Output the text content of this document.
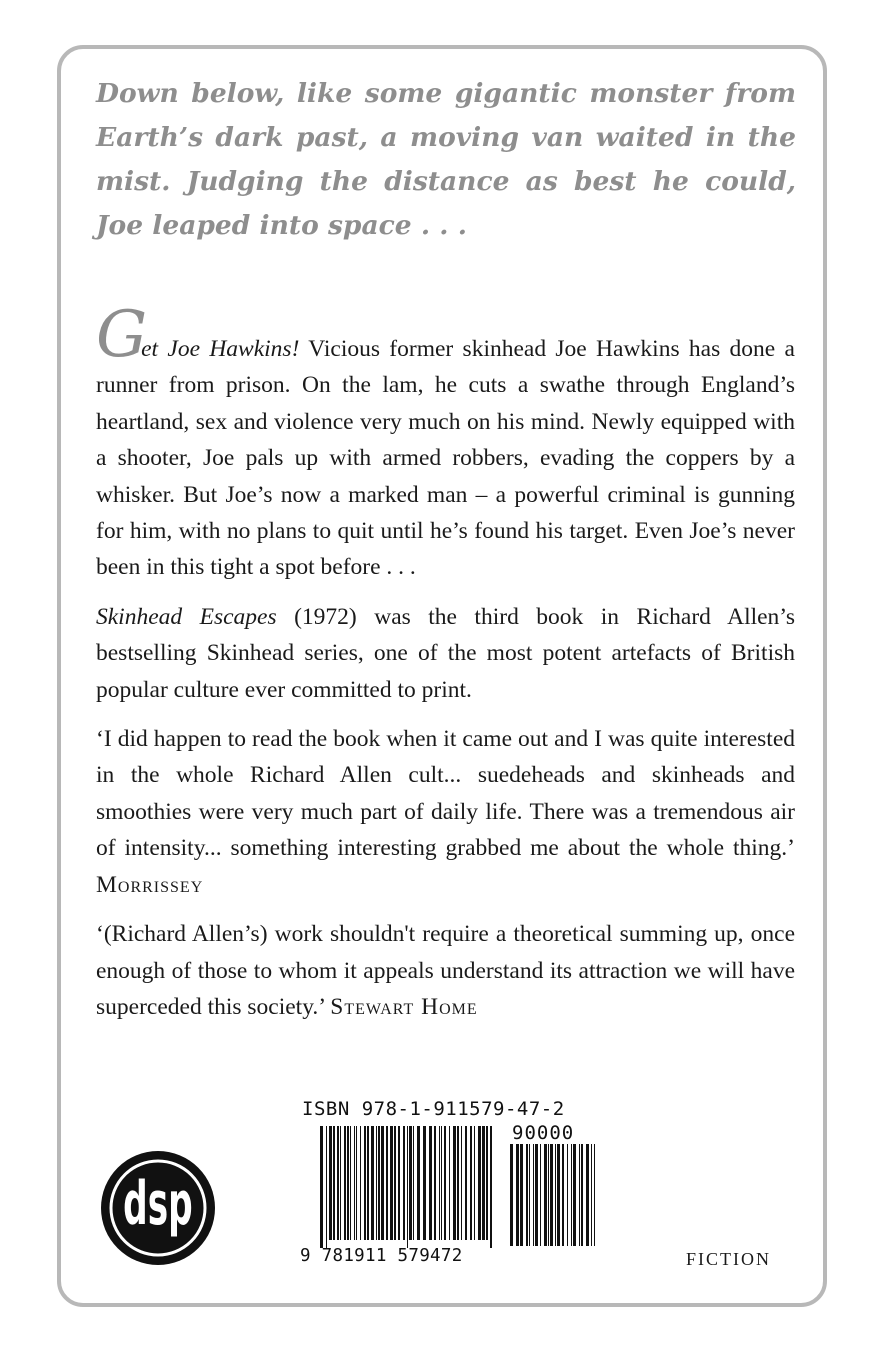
Down below, like some gigantic monster from Earth’s dark past, a moving van waited in the mist. Judging the distance as best he could, Joe leaped into space . . .

Get Joe Hawkins! Vicious former skinhead Joe Hawkins has done a runner from prison. On the lam, he cuts a swathe through England’s heartland, sex and violence very much on his mind. Newly equipped with a shooter, Joe pals up with armed robbers, evading the coppers by a whisker. But Joe’s now a marked man – a powerful criminal is gunning for him, with no plans to quit until he’s found his target. Even Joe’s never been in this tight a spot before . . .

Skinhead Escapes (1972) was the third book in Richard Allen’s bestselling Skinhead series, one of the most potent artefacts of British popular culture ever committed to print.

‘I did happen to read the book when it came out and I was quite interested in the whole Richard Allen cult... suedeheads and skinheads and smoothies were very much part of daily life. There was a tremendous air of intensity... something interesting grabbed me about the whole thing.’ Morrissey

‘(Richard Allen’s) work shouldn't require a theoretical summing up, once enough of those to whom it appeals understand its attraction we will have superceded this society.’ Stewart Home

dsp
ISBN 978-1-911579-47-2
90000
9 781911 579472	FICTION
